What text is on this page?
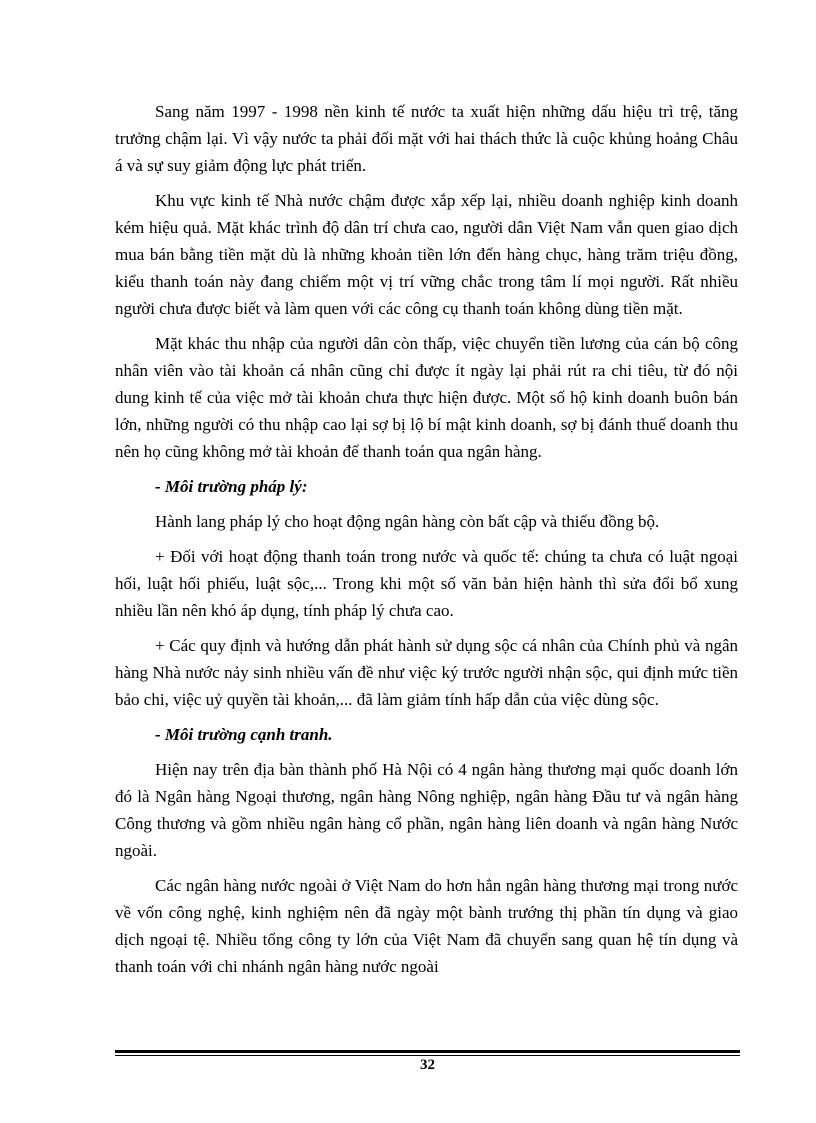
Sang năm 1997 - 1998 nền kinh tế nước ta xuất hiện những dấu hiệu trì trệ, tăng trưởng chậm lại. Vì vậy nước ta phải đối mặt với hai thách thức là cuộc khủng hoảng Châu á và sự suy giảm động lực phát triển.

Khu vực kinh tế Nhà nước chậm được xắp xếp lại, nhiều doanh nghiệp kinh doanh kém hiệu quả. Mặt khác trình độ dân trí chưa cao, người dân Việt Nam vẫn quen giao dịch mua bán bằng tiền mặt dù là những khoản tiền lớn đến hàng chục, hàng trăm triệu đồng, kiểu thanh toán này đang chiếm một vị trí vững chắc trong tâm lí mọi người. Rất nhiều người chưa được biết và làm quen với các công cụ thanh toán không dùng tiền mặt.

Mặt khác thu nhập của người dân còn thấp, việc chuyển tiền lương của cán bộ công nhân viên vào tài khoản cá nhân cũng chỉ được ít ngày lại phải rút ra chi tiêu, từ đó nội dung kinh tế của việc mở tài khoản chưa thực hiện được. Một số hộ kinh doanh buôn bán lớn, những người có thu nhập cao lại sợ bị lộ bí mật kinh doanh, sợ bị đánh thuế doanh thu nên họ cũng không mở tài khoản để thanh toán qua ngân hàng.

- Môi trường pháp lý:

Hành lang pháp lý cho hoạt động ngân hàng còn bất cập và thiếu đồng bộ.

+ Đối với hoạt động thanh toán trong nước và quốc tế: chúng ta chưa có luật ngoại hối, luật hối phiếu, luật sộc,... Trong khi một số văn bản hiện hành thì sửa đổi bổ xung nhiều lần nên khó áp dụng, tính pháp lý chưa cao.

+ Các quy định và hướng dẫn phát hành sử dụng sộc cá nhân của Chính phủ và ngân hàng Nhà nước nảy sinh nhiều vấn đề như việc ký trước người nhận sộc, qui định mức tiền bảo chi, việc uỷ quyền tài khoản,... đã làm giảm tính hấp dẫn của việc dùng sộc.

- Môi trường cạnh tranh.

Hiện nay trên địa bàn thành phố Hà Nội có 4 ngân hàng thương mại quốc doanh lớn đó là Ngân hàng Ngoại thương, ngân hàng Nông nghiệp, ngân hàng Đầu tư và ngân hàng Công thương và gồm nhiều ngân hàng cổ phần, ngân hàng liên doanh và ngân hàng Nước ngoài.

Các ngân hàng nước ngoài ở Việt Nam do hơn hẳn ngân hàng thương mại trong nước về vốn công nghệ, kinh nghiệm nên đã ngày một bành trướng thị phần tín dụng và giao dịch ngoại tệ. Nhiều tổng công ty lớn của Việt Nam đã chuyển sang quan hệ tín dụng và thanh toán với chi nhánh ngân hàng nước ngoài

32
